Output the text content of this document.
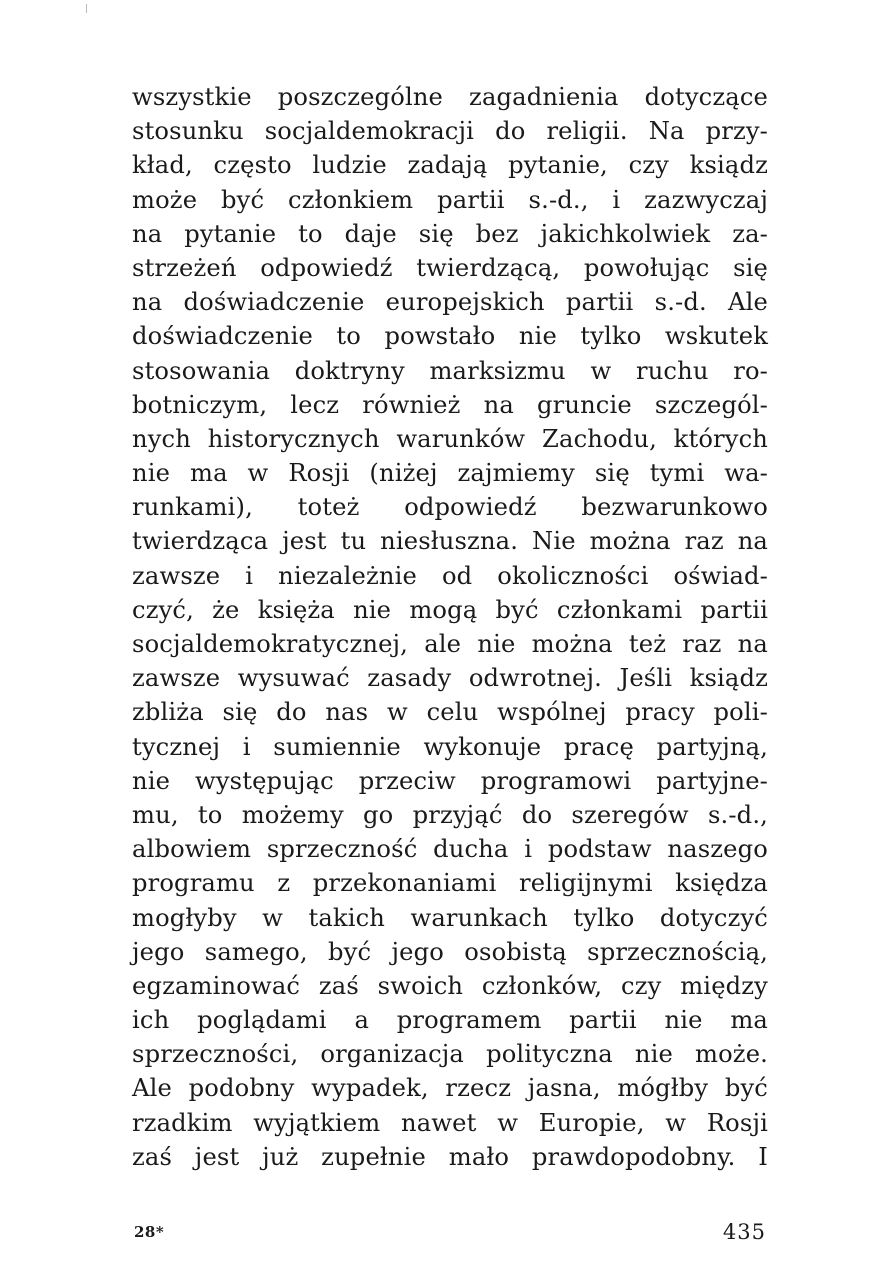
wszystkie poszczególne zagadnienia dotyczące
stosunku socjaldemokracji do religii. Na przy-
kład, często ludzie zadają pytanie, czy ksiądz
może być członkiem partii s.-d., i zazwyczaj
na pytanie to daje się bez jakichkolwiek za-
strzeżeń odpowiedź twierdzącą, powołując się
na doświadczenie europejskich partii s.-d. Ale
doświadczenie to powstało nie tylko wskutek
stosowania doktryny marksizmu w ruchu ro-
botniczym, lecz również na gruncie szczegól-
nych historycznych warunków Zachodu, których
nie ma w Rosji (niżej zajmiemy się tymi wa-
runkami), toteż odpowiedź bezwarunkowo
twierdząca jest tu niesłuszna. Nie można raz na
zawsze i niezależnie od okoliczności oświad-
czyć, że księża nie mogą być członkami partii
socjaldemokratycznej, ale nie można też raz na
zawsze wysuwać zasady odwrotnej. Jeśli ksiądz
zbliża się do nas w celu wspólnej pracy poli-
tycznej i sumiennie wykonuje pracę partyjną,
nie występując przeciw programowi partyjne-
mu, to możemy go przyjąć do szeregów s.-d.,
albowiem sprzeczność ducha i podstaw naszego
programu z przekonaniami religijnymi księdza
mogłyby w takich warunkach tylko dotyczyć
jego samego, być jego osobistą sprzecznością,
egzaminować zaś swoich członków, czy między
ich poglądami a programem partii nie ma
sprzeczności, organizacja polityczna nie może.
Ale podobny wypadek, rzecz jasna, mógłby być
rzadkim wyjątkiem nawet w Europie, w Rosji
zaś jest już zupełnie mało prawdopodobny. I
28*	435
